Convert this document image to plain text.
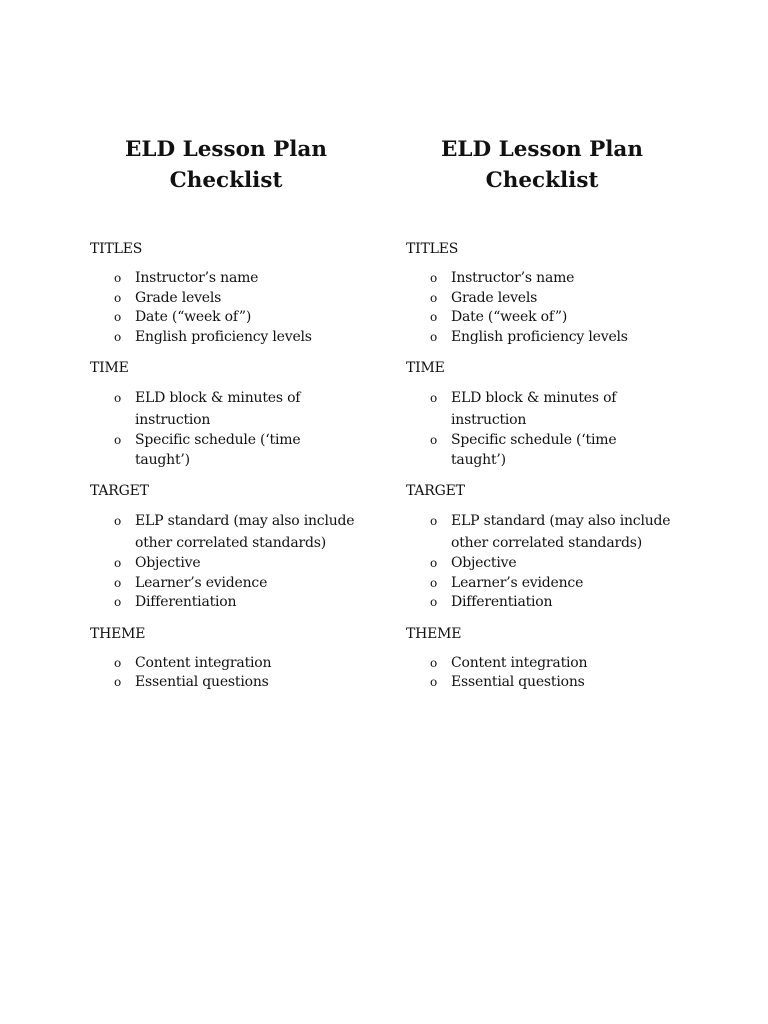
ELD Lesson Plan
Checklist

TITLES

o Instructor’s name
o Grade levels
o Date (“week of”)
o English proficiency levels

TIME

o ELD block & minutes of instruction
o Specific schedule (‘time taught’)

TARGET

o ELP standard (may also include other correlated standards)
o Objective
o Learner’s evidence
o Differentiation

THEME

o Content integration
o Essential questions
ELD Lesson Plan
Checklist

TITLES

o Instructor’s name
o Grade levels
o Date (“week of”)
o English proficiency levels

TIME

o ELD block & minutes of instruction
o Specific schedule (‘time taught’)

TARGET

o ELP standard (may also include other correlated standards)
o Objective
o Learner’s evidence
o Differentiation

THEME

o Content integration
o Essential questions
